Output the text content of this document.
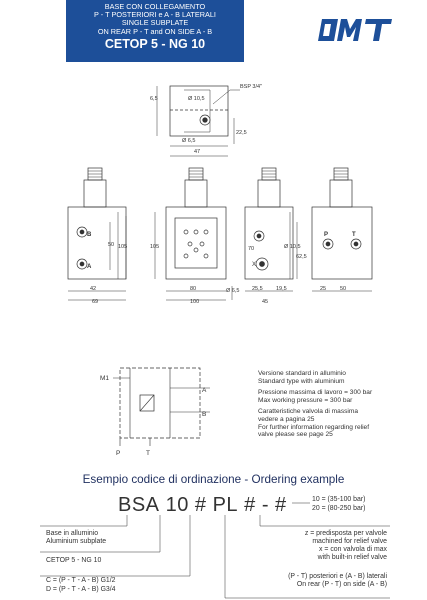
BASE CON COLLEGAMENTO
P - T POSTERIORI e A - B LATERALI
SINGLE SUBPLATE
ON REAR P - T and ON SIDE A - B
CETOP 5 - NG 10
Ø 10,5
Ø 6,5
47
6,5
22,5
BSP 3/4"
42
69
50 105
80
100
105	70	Ø 10,5
62,5
25,5
45
Ø 6,5	19,5	25	50
P	T
B
A	X
M1
A
B
P	T

Versione standard in alluminio
Standard type with aluminium

Pressione massima di lavoro = 300 bar
Max working pressure = 300 bar

Caratteristiche valvola di massima
vedere a pagina 25
For further information regarding relief
valve please see page 25

Esempio codice di ordinazione - Ordering example
BSA 10 # PL # - #	10 = (35-100 bar)
20 = (80-250 bar)
Base in alluminio
Aluminium subplate
CETOP 5 - NG 10
C = (P - T - A - B) G1/2
D = (P - T - A - B) G3/4
z = predisposta per valvole
machined for relief valve
x = con valvola di max
with built-in relief valve
(P - T) posteriori e (A - B) laterali
On rear (P - T) on side (A - B)
